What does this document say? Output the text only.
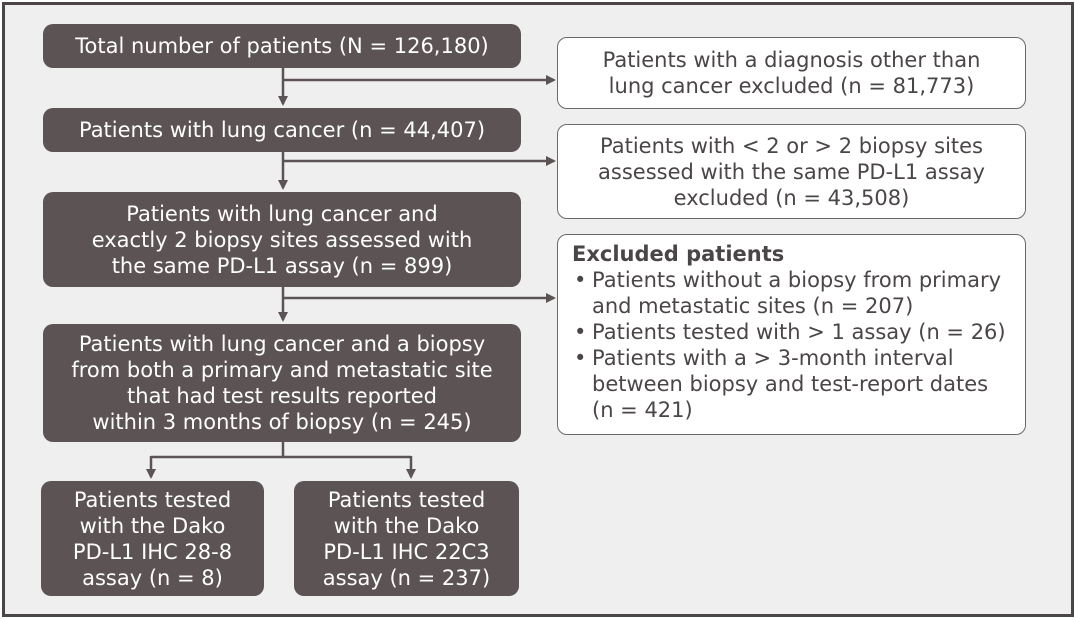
Total number of patients (N = 126,180)
Patients with lung cancer (n = 44,407)
Patients with lung cancer and
exactly 2 biopsy sites assessed with
the same PD-L1 assay (n = 899)
Patients with lung cancer and a biopsy
from both a primary and metastatic site
that had test results reported
within 3 months of biopsy (n = 245)
Patients tested
with the Dako
PD-L1 IHC 28-8
assay (n = 8)
Patients tested
with the Dako
PD-L1 IHC 22C3
assay (n = 237)
Patients with a diagnosis other than
lung cancer excluded (n = 81,773)
Patients with < 2 or > 2 biopsy sites
assessed with the same PD-L1 assay
excluded (n = 43,508)
Excluded patients
• Patients without a biopsy from primary
and metastatic sites (n = 207)
• Patients tested with > 1 assay (n = 26)
• Patients with a > 3-month interval
between biopsy and test-report dates
(n = 421)
